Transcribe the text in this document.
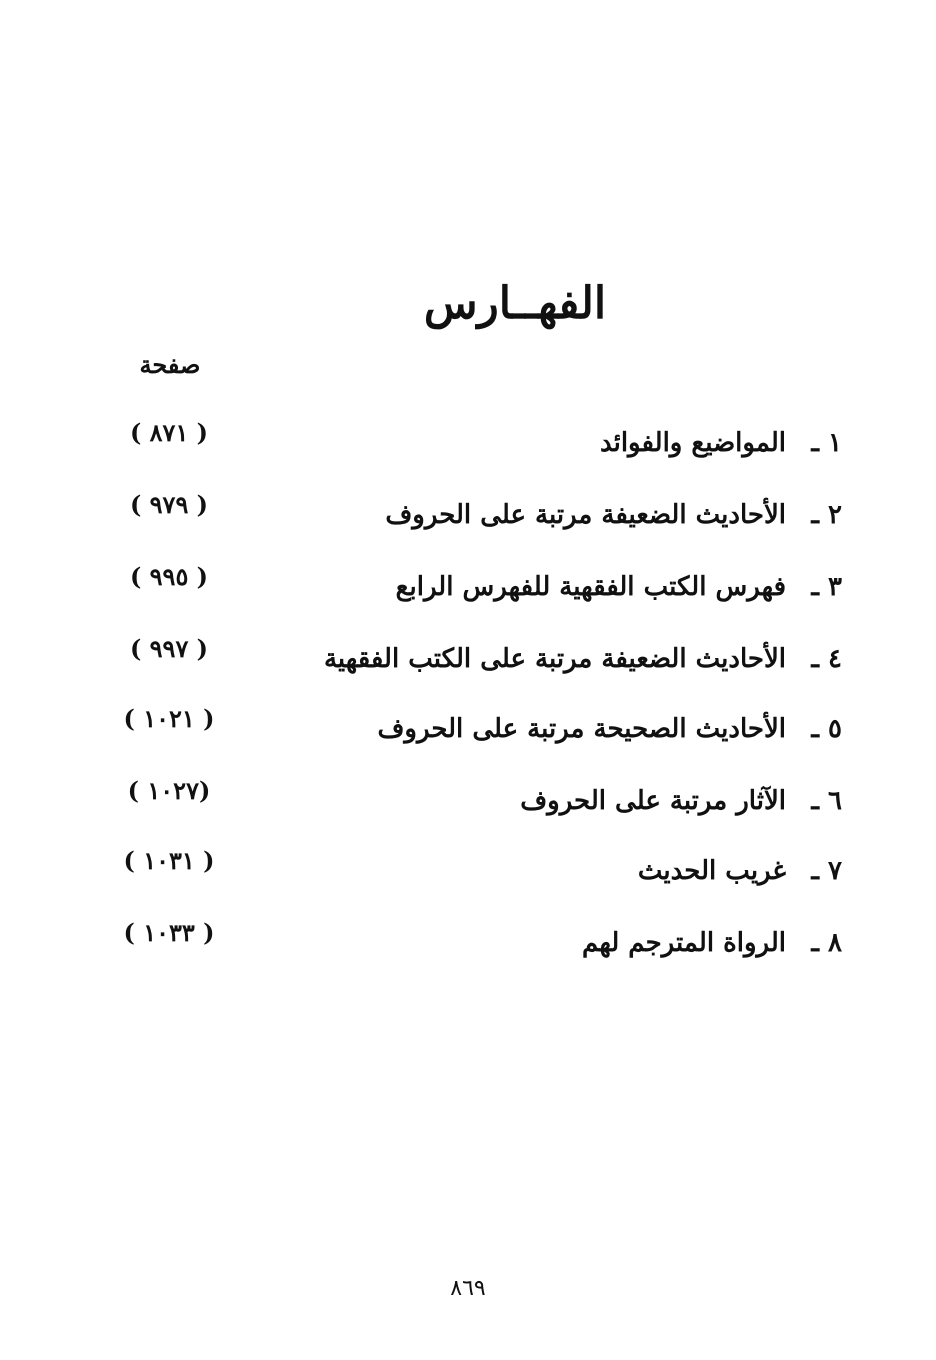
الفهــارس
صفحة
١ ـ
المواضيع والفوائد
( ٨٧١ )
٢ ـ
الأحاديث الضعيفة مرتبة على الحروف
( ٩٧٩ )
٣ ـ
فهرس الكتب الفقهية للفهرس الرابع
( ٩٩٥ )
٤ ـ
الأحاديث الضعيفة مرتبة على الكتب الفقهية
( ٩٩٧ )
٥ ـ
الأحاديث الصحيحة مرتبة على الحروف
( ١٠٢١ )
٦ ـ
الآثار مرتبة على الحروف
(١٠٢٧ )
٧ ـ
غريب الحديث
( ١٠٣١ )
٨ ـ
الرواة المترجم لهم
( ١٠٣٣ )
٨٦٩
